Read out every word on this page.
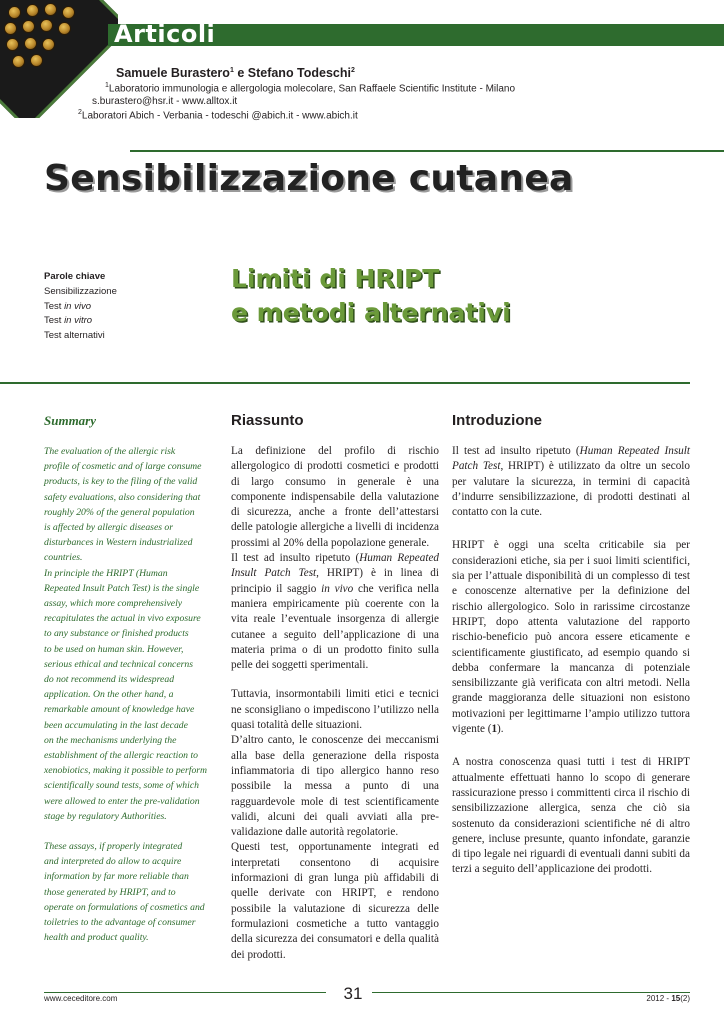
Articoli
Samuele Burastero$^1$ e Stefano Todeschi$^2$
$^1$Laboratorio immunologia e allergologia molecolare, San Raffaele Scientific Institute - Milano
s.burastero@hsr.it - www.alltox.it
$^2$Laboratori Abich - Verbania - todeschi @abich.it - www.abich.it
Sensibilizzazione cutanea
Parole chiave
Sensibilizzazione
Test in vivo
Test in vitro
Test alternativi
Limiti di HRIPT
e metodi alternativi
Summary

The evaluation of the allergic risk

profile of cosmetic and of large consume

products, is key to the filing of the valid

safety evaluations, also considering that

roughly 20% of the general population

is affected by allergic diseases or

disturbances in Western industrialized

countries.

In principle the HRIPT (Human

Repeated Insult Patch Test) is the single

assay, which more comprehensively

recapitulates the actual in vivo exposure

to any substance or finished products

to be used on human skin. However,

serious ethical and technical concerns

do not recommend its widespread

application. On the other hand, a

remarkable amount of knowledge have

been accumulating in the last decade

on the mechanisms underlying the

establishment of the allergic reaction to

xenobiotics, making it possible to perform

scientifically sound tests, some of which

were allowed to enter the pre-validation

stage by regulatory Authorities.

These assays, if properly integrated

and interpreted do allow to acquire

information by far more reliable than

those generated by HRIPT, and to

operate on formulations of cosmetics and

toiletries to the advantage of consumer

health and product quality.

Riassunto

La definizione del profilo di rischio allergologico di prodotti cosmetici e prodotti di largo consumo in generale è una componente indispensabile della valutazione di sicurezza, anche a fronte dell’attestarsi delle patologie allergiche a livelli di incidenza prossimi al 20% della popolazione generale.

Il test ad insulto ripetuto (Human Repeated Insult Patch Test, HRIPT) è in linea di principio il saggio in vivo che verifica nella maniera empiricamente più coerente con la vita reale l’eventuale insorgenza di allergie cutanee a seguito dell’applicazione di una materia prima o di un prodotto finito sulla pelle dei soggetti sperimentali.

Tuttavia, insormontabili limiti etici e tecnici ne sconsigliano o impediscono l’utilizzo nella quasi totalità delle situazioni.

D’altro canto, le conoscenze dei meccanismi alla base della generazione della risposta infiammatoria di tipo allergico hanno reso possibile la messa a punto di una ragguardevole mole di test scientificamente validi, alcuni dei quali avviati alla pre-validazione dalle autorità regolatorie.

Questi test, opportunamente integrati ed interpretati consentono di acquisire informazioni di gran lunga più affidabili di quelle derivate con HRIPT, e rendono possibile la valutazione di sicurezza delle formulazioni cosmetiche a tutto vantaggio della sicurezza dei consumatori e della qualità dei prodotti.

Introduzione

Il test ad insulto ripetuto (Human Repeated Insult Patch Test, HRIPT) è utilizzato da oltre un secolo per valutare la sicurezza, in termini di capacità d’indurre sensibilizzazione, di prodotti destinati al contatto con la cute.

HRIPT è oggi una scelta criticabile sia per considerazioni etiche, sia per i suoi limiti scientifici, sia per l’attuale disponibilità di un complesso di test e conoscenze alternative per la definizione del rischio allergologico. Solo in rarissime circostanze HRIPT, dopo attenta valutazione del rapporto rischio-beneficio può ancora essere eticamente e scientificamente giustificato, ad esempio quando si debba confermare la mancanza di potenziale sensibilizzante già verificata con altri metodi. Nella grande maggioranza delle situazioni non esistono motivazioni per legittimarne l’ampio utilizzo tuttora vigente (1).

A nostra conoscenza quasi tutti i test di HRIPT attualmente effettuati hanno lo scopo di generare rassicurazione presso i committenti circa il rischio di sensibilizzazione allergica, senza che ciò sia sostenuto da considerazioni scientifiche né di altro genere, incluse presunte, quanto infondate, garanzie di tipo legale nei riguardi di eventuali danni subiti da terzi a seguito dell’applicazione dei prodotti.

www.ceceditore.com	31	2012 - 15(2)
